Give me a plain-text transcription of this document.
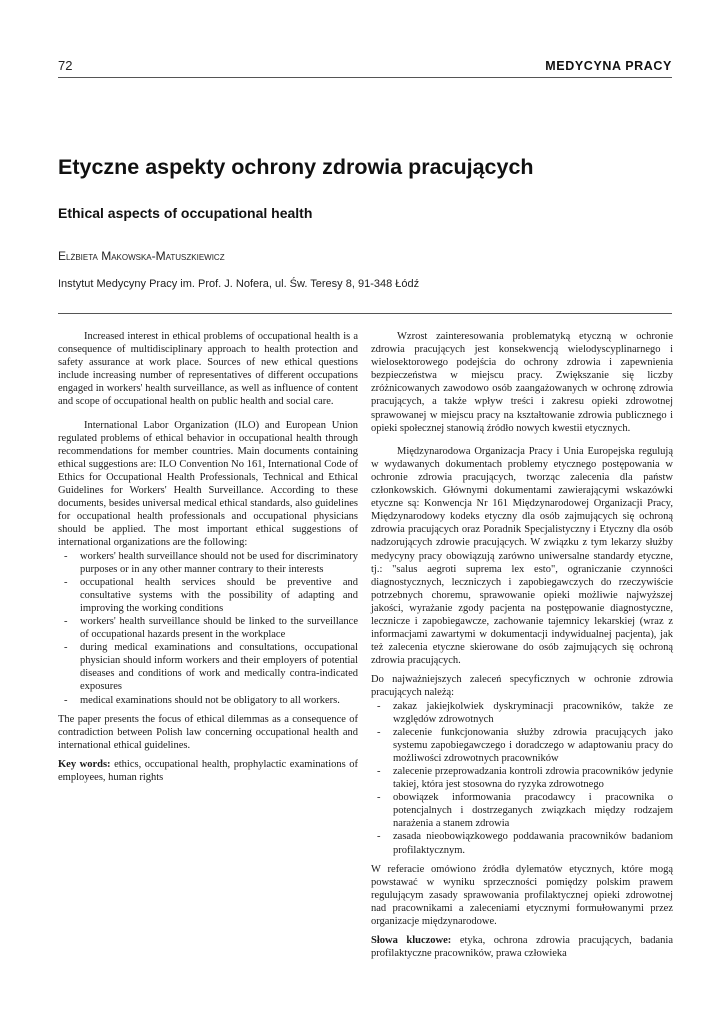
72	MEDYCYNA PRACY
Etyczne aspekty ochrony zdrowia pracujących
Ethical aspects of occupational health
Elżbieta Makowska-Matuszkiewicz
Instytut Medycyny Pracy im. Prof. J. Nofera, ul. Św. Teresy 8, 91-348 Łódź

Increased interest in ethical problems of occupational health is a consequence of multidisciplinary approach to health protection and safety assurance at work place. Sources of new ethical questions include increasing number of representatives of different occupations engaged in workers' health surveillance, as well as influence of content and scope of occupational health on public health and social care.

International Labor Organization (ILO) and European Union regulated problems of ethical behavior in occupational health through recommendations for member countries. Main documents containing ethical suggestions are: ILO Convention No 161, International Code of Ethics for Occupational Health Professionals, Technical and Ethical Guidelines for Workers' Health Surveillance. According to these documents, besides universal medical ethical standards, also guidelines for occupational health professionals and occupational physicians should be applied. The most important ethical suggestions of international organizations are the following:

- workers' health surveillance should not be used for discriminatory purposes or in any other manner contrary to their interests
- occupational health services should be preventive and consultative systems with the possibility of adapting and improving the working conditions
- workers' health surveillance should be linked to the surveillance of occupational hazards present in the workplace
- during medical examinations and consultations, occupational physician should inform workers and their employers of potential diseases and conditions of work and medically contra-indicated exposures
- medical examinations should not be obligatory to all workers.

The paper presents the focus of ethical dilemmas as a consequence of contradiction between Polish law concerning occupational health and international ethical guidelines.

Key words: ethics, occupational health, prophylactic examinations of employees, human rights

Wzrost zainteresowania problematyką etyczną w ochronie zdrowia pracujących jest konsekwencją wielodyscyplinarnego i wielosektorowego podejścia do ochrony zdrowia i zapewnienia bezpieczeństwa w miejscu pracy. Zwiększanie się liczby zróżnicowanych zawodowo osób zaangażowanych w ochronę zdrowia pracujących, a także wpływ treści i zakresu opieki zdrowotnej sprawowanej w miejscu pracy na kształtowanie zdrowia publicznego i opieki społecznej stanowią źródło nowych kwestii etycznych.

Międzynarodowa Organizacja Pracy i Unia Europejska regulują w wydawanych dokumentach problemy etycznego postępowania w ochronie zdrowia pracujących, tworząc zalecenia dla państw członkowskich. Głównymi dokumentami zawierającymi wskazówki etyczne są: Konwencja Nr 161 Międzynarodowej Organizacji Pracy, Międzynarodowy kodeks etyczny dla osób zajmujących się ochroną zdrowia pracujących oraz Poradnik Specjalistyczny i Etyczny dla osób nadzorujących zdrowie pracujących. W związku z tym lekarzy służby medycyny pracy obowiązują zarówno uniwersalne standardy etyczne, tj.: "salus aegroti suprema lex esto", ograniczanie czynności diagnostycznych, leczniczych i zapobiegawczych do rzeczywiście potrzebnych choremu, sprawowanie opieki możliwie najwyższej jakości, wyrażanie zgody pacjenta na postępowanie diagnostyczne, lecznicze i zapobiegawcze, zachowanie tajemnicy lekarskiej (wraz z informacjami zawartymi w dokumentacji indywidualnej pacjenta), jak też zalecenia etyczne skierowane do osób zajmujących się ochroną zdrowia pracujących.

Do najważniejszych zaleceń specyficznych w ochronie zdrowia pracujących należą:

- zakaz jakiejkolwiek dyskryminacji pracowników, także ze względów zdrowotnych
- zalecenie funkcjonowania służby zdrowia pracujących jako systemu zapobiegawczego i doradczego w adaptowaniu pracy do możliwości zdrowotnych pracowników
- zalecenie przeprowadzania kontroli zdrowia pracowników jedynie takiej, która jest stosowna do ryzyka zdrowotnego
- obowiązek informowania pracodawcy i pracownika o potencjalnych i dostrzeganych związkach między rodzajem narażenia a stanem zdrowia
- zasada nieobowiązkowego poddawania pracowników badaniom profilaktycznym.

W referacie omówiono źródła dylematów etycznych, które mogą powstawać w wyniku sprzeczności pomiędzy polskim prawem regulującym zasady sprawowania profilaktycznej opieki zdrowotnej nad pracownikami a zaleceniami etycznymi formułowanymi przez organizacje międzynarodowe.

Słowa kluczowe: etyka, ochrona zdrowia pracujących, badania profilaktyczne pracowników, prawa człowieka
